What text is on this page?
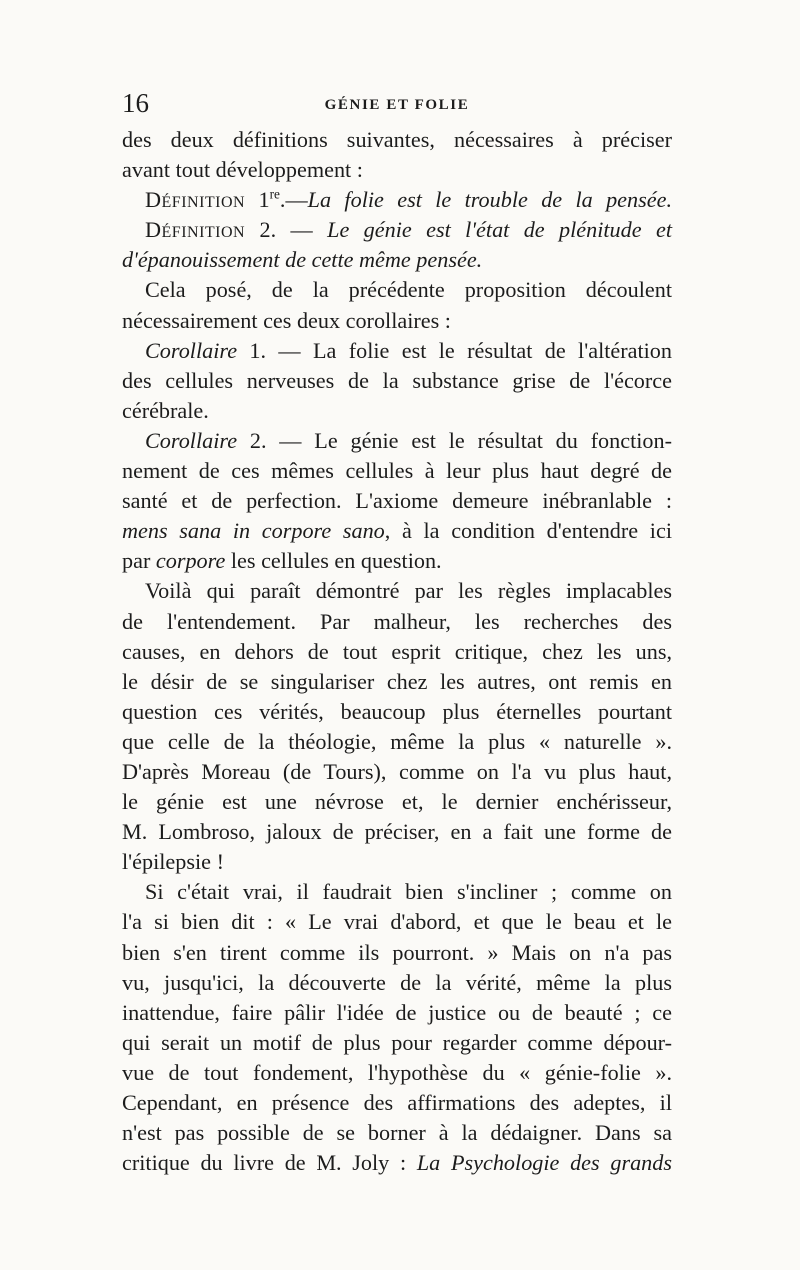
16	GÉNIE ET FOLIE
des deux définitions suivantes, nécessaires à préciser
avant tout développement :
Définition 1re.—La folie est le trouble de la pensée.
Définition 2. — Le génie est l'état de plénitude et
d'épanouissement de cette même pensée.
Cela posé, de la précédente proposition découlent
nécessairement ces deux corollaires :
Corollaire 1. — La folie est le résultat de l'altération
des cellules nerveuses de la substance grise de l'écorce
cérébrale.
Corollaire 2. — Le génie est le résultat du fonction-
nement de ces mêmes cellules à leur plus haut degré de
santé et de perfection. L'axiome demeure inébranlable :
mens sana in corpore sano, à la condition d'entendre ici
par corpore les cellules en question.
Voilà qui paraît démontré par les règles implacables
de l'entendement. Par malheur, les recherches des
causes, en dehors de tout esprit critique, chez les uns,
le désir de se singulariser chez les autres, ont remis en
question ces vérités, beaucoup plus éternelles pourtant
que celle de la théologie, même la plus « naturelle ».
D'après Moreau (de Tours), comme on l'a vu plus haut,
le génie est une névrose et, le dernier enchérisseur,
M. Lombroso, jaloux de préciser, en a fait une forme de
l'épilepsie !
Si c'était vrai, il faudrait bien s'incliner ; comme on
l'a si bien dit : « Le vrai d'abord, et que le beau et le
bien s'en tirent comme ils pourront. » Mais on n'a pas
vu, jusqu'ici, la découverte de la vérité, même la plus
inattendue, faire pâlir l'idée de justice ou de beauté ; ce
qui serait un motif de plus pour regarder comme dépour-
vue de tout fondement, l'hypothèse du « génie-folie ».
Cependant, en présence des affirmations des adeptes, il
n'est pas possible de se borner à la dédaigner. Dans sa
critique du livre de M. Joly : La Psychologie des grands
